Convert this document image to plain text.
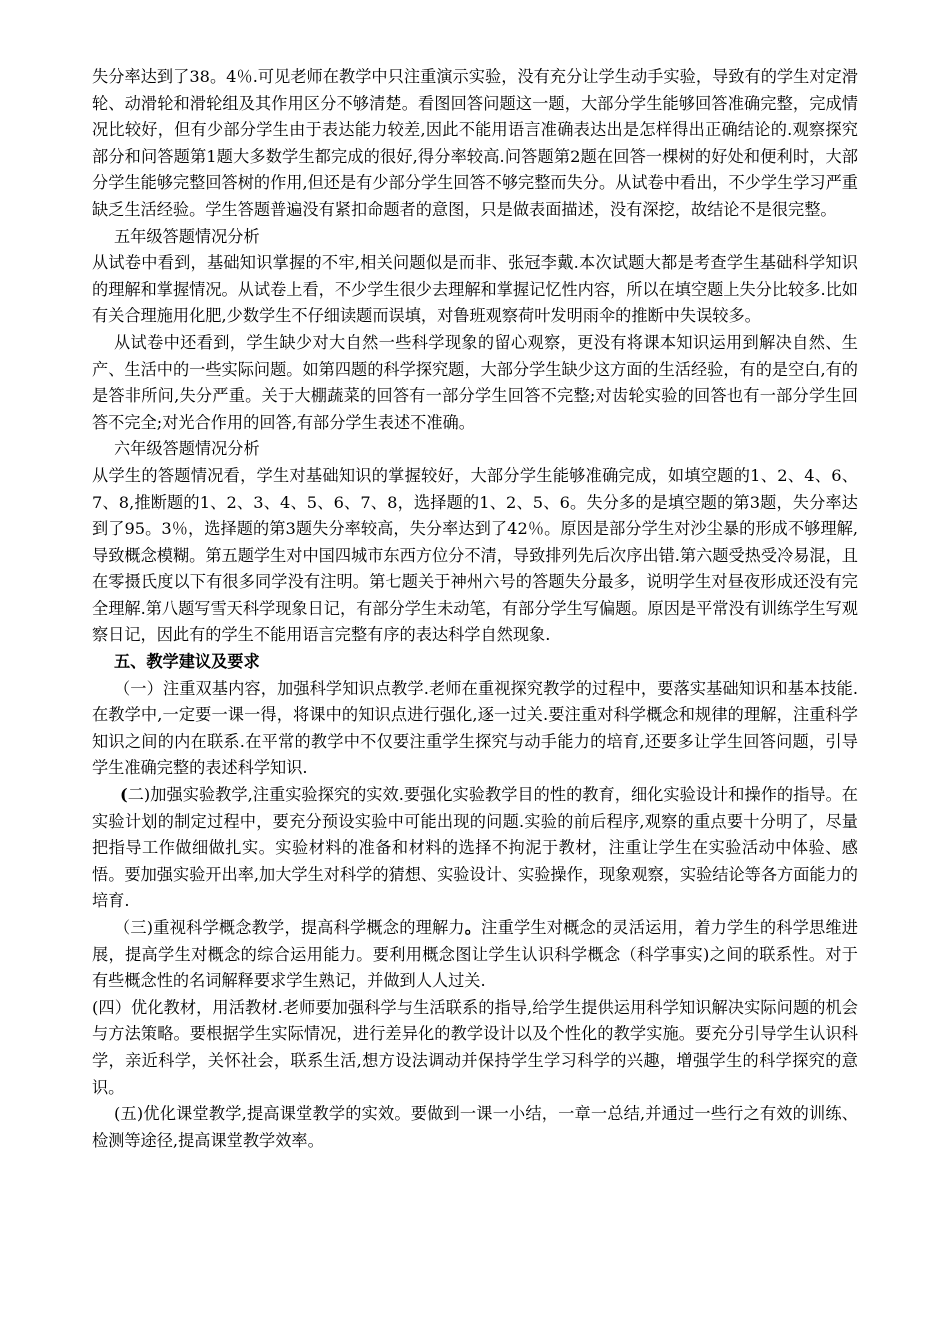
失分率达到了38。4％.可见老师在教学中只注重演示实验，没有充分让学生动手实验，导致有的学生对定滑轮、动滑轮和滑轮组及其作用区分不够清楚。看图回答问题这一题，大部分学生能够回答准确完整，完成情况比较好，但有少部分学生由于表达能力较差,因此不能用语言准确表达出是怎样得出正确结论的.观察探究部分和问答题第1题大多数学生都完成的很好,得分率较高.问答题第2题在回答一棵树的好处和便利时，大部分学生能够完整回答树的作用,但还是有少部分学生回答不够完整而失分。从试卷中看出，不少学生学习严重缺乏生活经验。学生答题普遍没有紧扣命题者的意图，只是做表面描述，没有深挖，故结论不是很完整。

五年级答题情况分析

从试卷中看到，基础知识掌握的不牢,相关问题似是而非、张冠李戴.本次试题大都是考查学生基础科学知识的理解和掌握情况。从试卷上看，不少学生很少去理解和掌握记忆性内容，所以在填空题上失分比较多.比如有关合理施用化肥,少数学生不仔细读题而误填，对鲁班观察荷叶发明雨伞的推断中失误较多。

从试卷中还看到，学生缺少对大自然一些科学现象的留心观察，更没有将课本知识运用到解决自然、生产、生活中的一些实际问题。如第四题的科学探究题，大部分学生缺少这方面的生活经验，有的是空白,有的是答非所问,失分严重。关于大棚蔬菜的回答有一部分学生回答不完整;对齿轮实验的回答也有一部分学生回答不完全;对光合作用的回答,有部分学生表述不准确。

六年级答题情况分析

从学生的答题情况看，学生对基础知识的掌握较好，大部分学生能够准确完成，如填空题的1、2、4、6、7、8,推断题的1、2、3、4、5、6、7、8，选择题的1、2、5、6。失分多的是填空题的第3题，失分率达到了95。3％，选择题的第3题失分率较高，失分率达到了42％。原因是部分学生对沙尘暴的形成不够理解,导致概念模糊。第五题学生对中国四城市东西方位分不清，导致排列先后次序出错.第六题受热受冷易混，且在零摄氏度以下有很多同学没有注明。第七题关于神州六号的答题失分最多，说明学生对昼夜形成还没有完全理解.第八题写雪天科学现象日记，有部分学生未动笔，有部分学生写偏题。原因是平常没有训练学生写观察日记，因此有的学生不能用语言完整有序的表达科学自然现象.

五、教学建议及要求

（一）注重双基内容，加强科学知识点教学.老师在重视探究教学的过程中，要落实基础知识和基本技能.在教学中,一定要一课一得，将课中的知识点进行强化,逐一过关.要注重对科学概念和规律的理解，注重科学知识之间的内在联系.在平常的教学中不仅要注重学生探究与动手能力的培育,还要多让学生回答问题，引导学生准确完整的表述科学知识.

(二)加强实验教学,注重实验探究的实效.要强化实验教学目的性的教育，细化实验设计和操作的指导。在实验计划的制定过程中，要充分预设实验中可能出现的问题.实验的前后程序,观察的重点要十分明了，尽量把指导工作做细做扎实。实验材料的准备和材料的选择不拘泥于教材，注重让学生在实验活动中体验、感悟。要加强实验开出率,加大学生对科学的猜想、实验设计、实验操作，现象观察，实验结论等各方面能力的培育.

（三)重视科学概念教学，提高科学概念的理解力。注重学生对概念的灵活运用，着力学生的科学思维进展，提高学生对概念的综合运用能力。要利用概念图让学生认识科学概念（科学事实)之间的联系性。对于有些概念性的名词解释要求学生熟记，并做到人人过关.

(四）优化教材，用活教材.老师要加强科学与生活联系的指导,给学生提供运用科学知识解决实际问题的机会与方法策略。要根据学生实际情况，进行差异化的教学设计以及个性化的教学实施。要充分引导学生认识科学，亲近科学，关怀社会，联系生活,想方设法调动并保持学生学习科学的兴趣，增强学生的科学探究的意识。

(五)优化课堂教学,提高课堂教学的实效。要做到一课一小结，一章一总结,并通过一些行之有效的训练、检测等途径,提高课堂教学效率。
